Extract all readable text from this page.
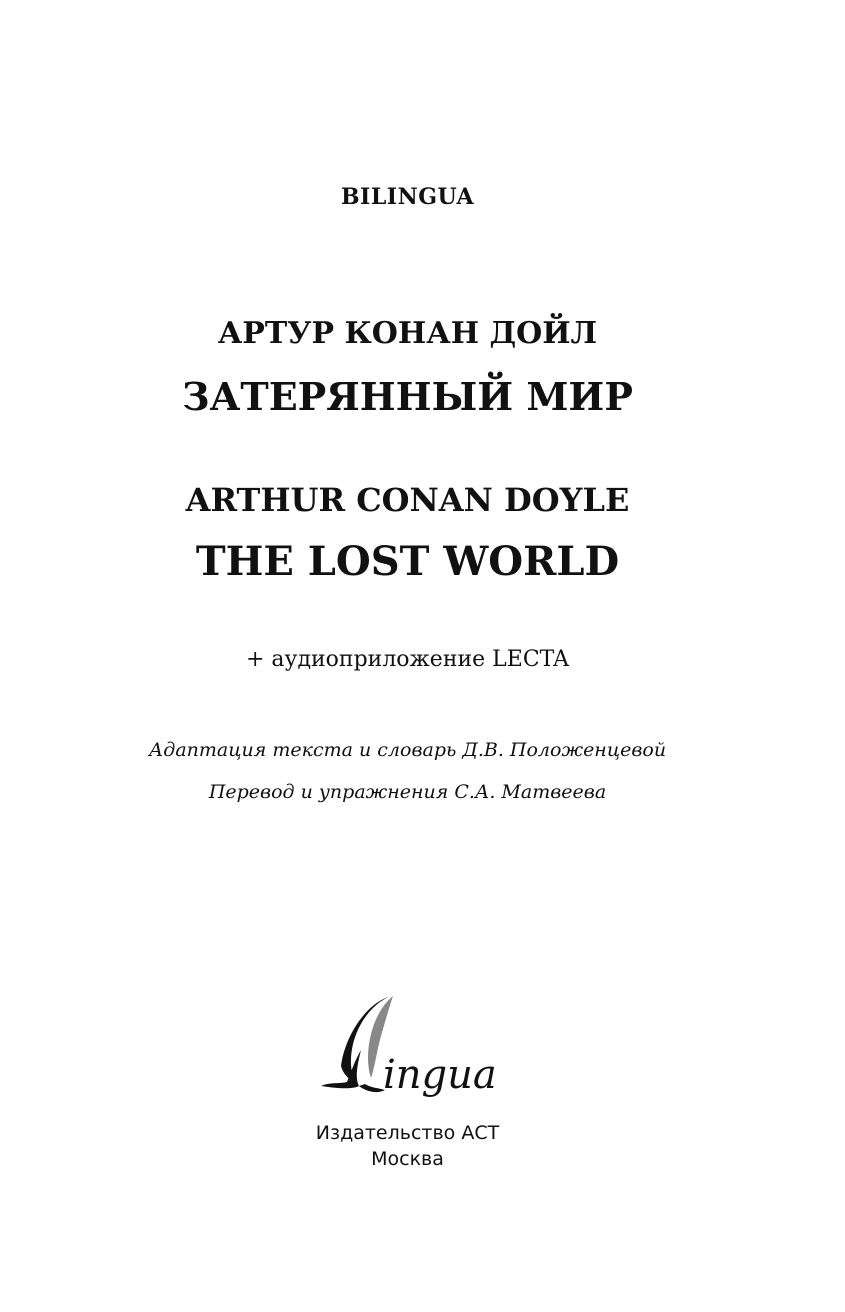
BILINGUA
АРТУР КОНАН ДОЙЛ
ЗАТЕРЯННЫЙ МИР
ARTHUR CONAN DOYLE
THE LOST WORLD
+ аудиоприложение LECTA
Адаптация текста и словарь Д.В. Положенцевой
Перевод и упражнения С.А. Матвеева
ingua
Издательство АСТ
Москва
